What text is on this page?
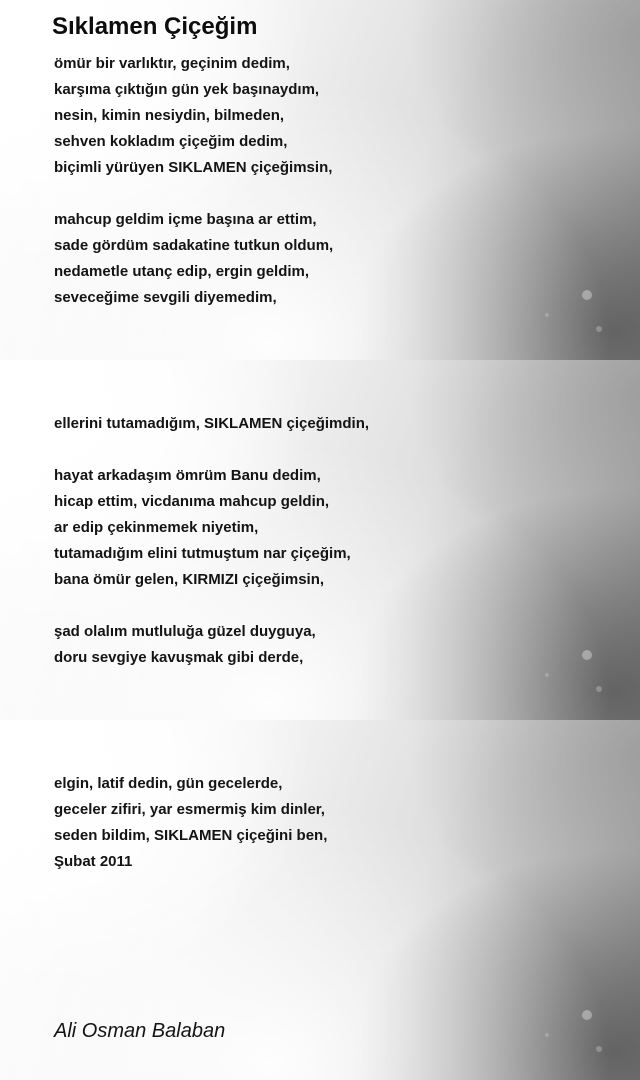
Sıklamen Çiçeğim
ömür bir varlıktır, geçinim dedim,
karşıma çıktığın gün yek başınaydım,
nesin, kimin nesiydin, bilmeden,
sehven kokladım çiçeğim dedim,
biçimli yürüyen SIKLAMEN çiçeğimsin,
mahcup geldim içme başına ar ettim,
sade gördüm sadakatine tutkun oldum,
nedametle utanç edip, ergin geldim,
seveceğime sevgili diyemedim,
ellerini tutamadığım, SIKLAMEN çiçeğimdin,
hayat arkadaşım ömrüm Banu dedim,
hicap ettim, vicdanıma mahcup geldin,
ar edip çekinmemek niyetim,
tutamadığım elini tutmuştum nar çiçeğim,
bana ömür gelen, KIRMIZI çiçeğimsin,
şad olalım mutluluğa güzel duyguya,
doru sevgiye kavuşmak gibi derde,
elgin, latif dedin, gün gecelerde,
geceler zifiri, yar esmermiş kim dinler,
seden bildim, SIKLAMEN çiçeğini ben,
Şubat 2011
Ali Osman Balaban
